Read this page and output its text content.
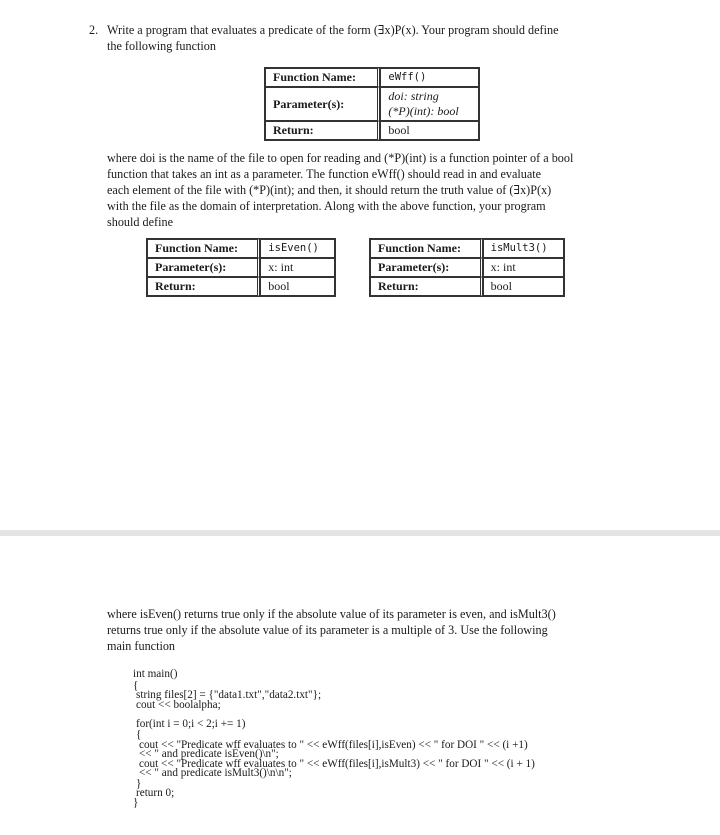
2. Write a program that evaluates a predicate of the form (∃x)P(x). Your program should define
the following function
Function Name:	eWff()
Parameter(s):	doi: string
(*P)(int): bool

Return:	bool
where doi is the name of the file to open for reading and (*P)(int) is a function pointer of a bool
function that takes an int as a parameter. The function eWff() should read in and evaluate
each element of the file with (*P)(int); and then, it should return the truth value of (∃x)P(x)
with the file as the domain of interpretation. Along with the above function, your program
should define
Function Name:	isEven()
Parameter(s):	x: int
Return:	bool
Function Name:	isMult3()
Parameter(s):	x: int
Return:	bool
where isEven() returns true only if the absolute value of its parameter is even, and isMult3()
returns true only if the absolute value of its parameter is a multiple of 3. Use the following
main function
int main()
{
string files[2] = {"data1.txt","data2.txt"};
cout << boolalpha;
for(int i = 0;i < 2;i += 1)
{
cout << "Predicate wff evaluates to " << eWff(files[i],isEven) << " for DOI " << (i +1)
<< " and predicate isEven()\n";
cout << "Predicate wff evaluates to " << eWff(files[i],isMult3) << " for DOI " << (i + 1)
<< " and predicate isMult3()\n\n";
}
return 0;
}
